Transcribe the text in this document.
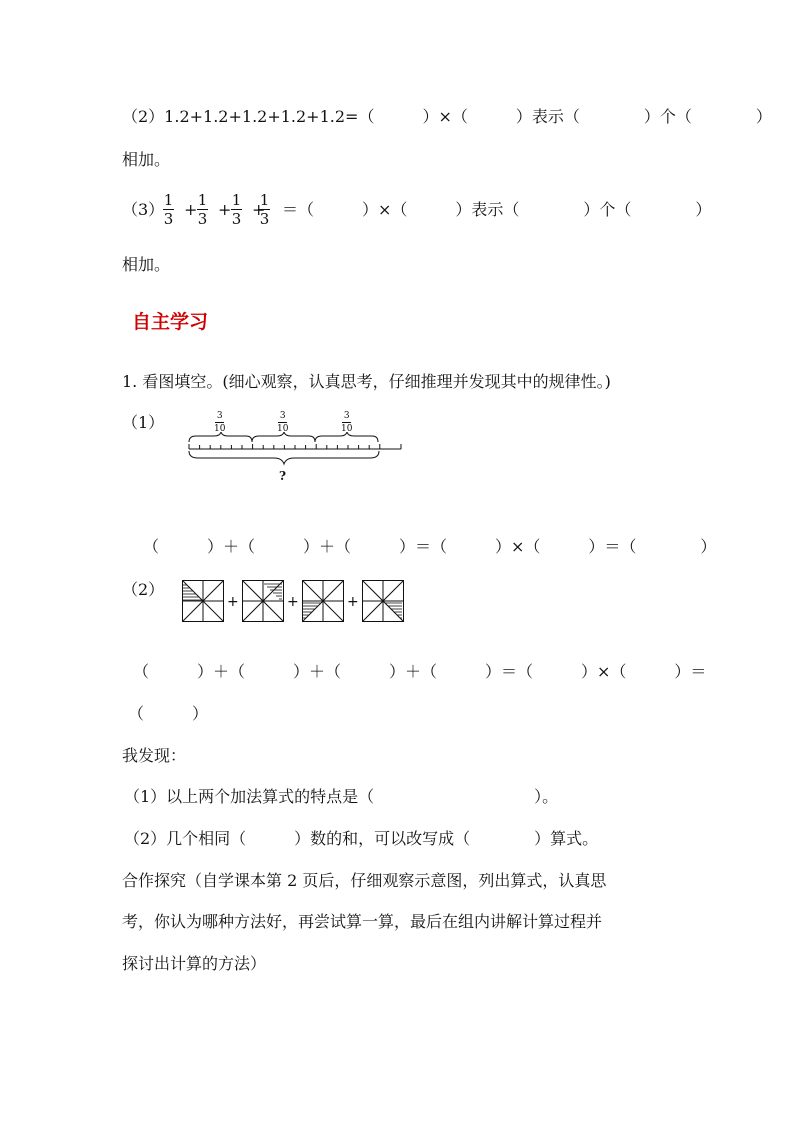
（2）1.2+1.2+1.2+1.2+1.2=（　　　）×（　　　）表示（　　　　）个（　　　　）
相加。
（3） 1
3 + 1
3 + 1
3 +
1
3 ＝（　　　）×（　　　）表示（　　　　）个（　　　　）
相加。
自主学习
1. 看图填空。(细心观察，认真思考，仔细推理并发现其中的规律性。)
（1）	3
10
3
10
3
10
?
（　　　）＋（　　　）＋（　　　）＝（　　　）×（　　　）＝（　　　　）
（2）
+	+	+
（　　　）＋（　　　）＋（　　　）＋（　　　）＝（　　　）×（　　　）＝
（　　　）
我发现：
（1）以上两个加法算式的特点是（　　　　　　　　　　）。
（2）几个相同（　　　）数的和，可以改写成（　　　　）算式。
合作探究（自学课本第 2 页后，仔细观察示意图，列出算式，认真思
考，你认为哪种方法好，再尝试算一算，最后在组内讲解计算过程并
探讨出计算的方法）
